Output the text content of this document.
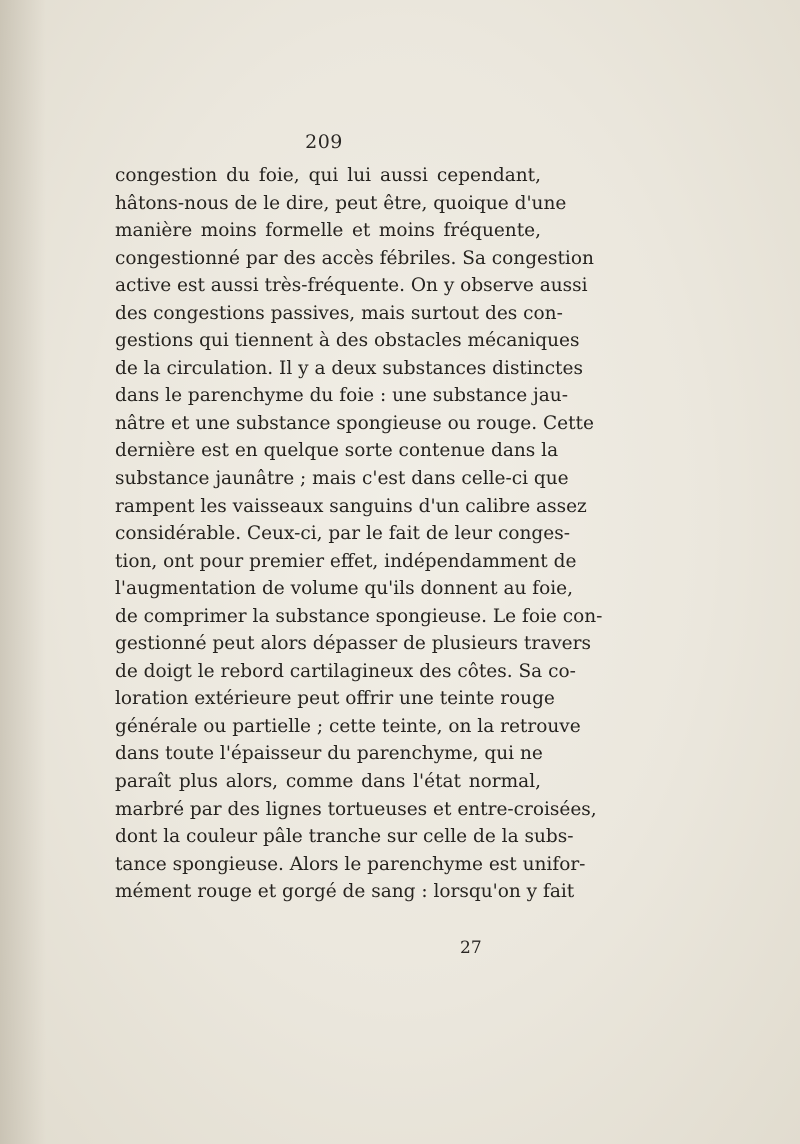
209
congestion du foie, qui lui aussi cependant,
hâtons-nous de le dire, peut être, quoique d'une
manière moins formelle et moins fréquente,
congestionné par des accès fébriles. Sa congestion
active est aussi très-fréquente. On y observe aussi
des congestions passives, mais surtout des con-
gestions qui tiennent à des obstacles mécaniques
de la circulation. Il y a deux substances distinctes
dans le parenchyme du foie : une substance jau-
nâtre et une substance spongieuse ou rouge. Cette
dernière est en quelque sorte contenue dans la
substance jaunâtre ; mais c'est dans celle-ci que
rampent les vaisseaux sanguins d'un calibre assez
considérable. Ceux-ci, par le fait de leur conges-
tion, ont pour premier effet, indépendamment de
l'augmentation de volume qu'ils donnent au foie,
de comprimer la substance spongieuse. Le foie con-
gestionné peut alors dépasser de plusieurs travers
de doigt le rebord cartilagineux des côtes. Sa co-
loration extérieure peut offrir une teinte rouge
générale ou partielle ; cette teinte, on la retrouve
dans toute l'épaisseur du parenchyme, qui ne
paraît plus alors, comme dans l'état normal,
marbré par des lignes tortueuses et entre-croisées,
dont la couleur pâle tranche sur celle de la subs-
tance spongieuse. Alors le parenchyme est unifor-
mément rouge et gorgé de sang : lorsqu'on y fait
27
